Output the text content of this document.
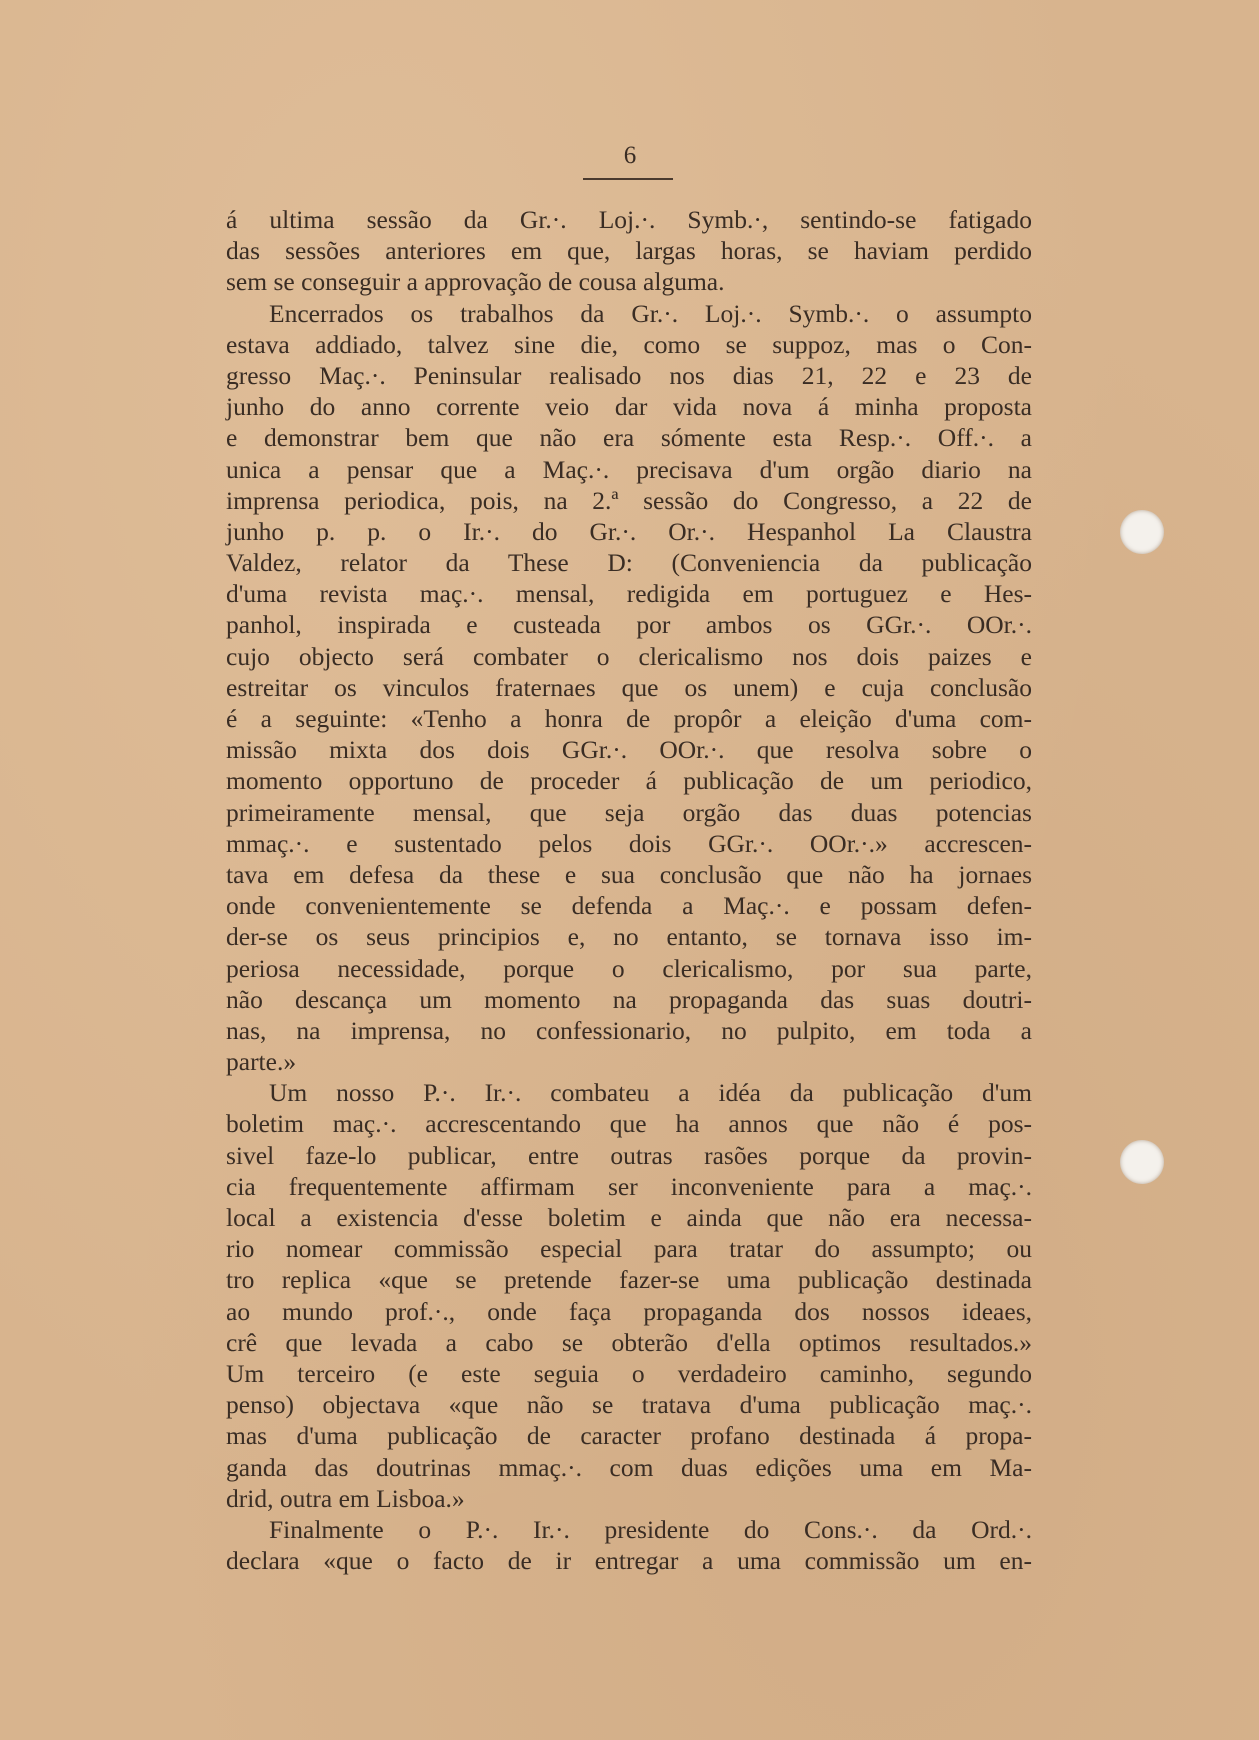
6
á ultima sessão da Gr.·. Loj.·. Symb.·, sentindo-se fatigado
das sessões anteriores em que, largas horas, se haviam perdido
sem se conseguir a approvação de cousa alguma.
Encerrados os trabalhos da Gr.·. Loj.·. Symb.·. o assumpto
estava addiado, talvez sine die, como se suppoz, mas o Con-
gresso Maç.·. Peninsular realisado nos dias 21, 22 e 23 de
junho do anno corrente veio dar vida nova á minha proposta
e demonstrar bem que não era sómente esta Resp.·. Off.·. a
unica a pensar que a Maç.·. precisava d'um orgão diario na
imprensa periodica, pois, na 2.ª sessão do Congresso, a 22 de
junho p. p. o Ir.·. do Gr.·. Or.·. Hespanhol La Claustra
Valdez, relator da These D: (Conveniencia da publicação
d'uma revista maç.·. mensal, redigida em portuguez e Hes-
panhol, inspirada e custeada por ambos os GGr.·. OOr.·.
cujo objecto será combater o clericalismo nos dois paizes e
estreitar os vinculos fraternaes que os unem) e cuja conclusão
é a seguinte: «Tenho a honra de propôr a eleição d'uma com-
missão mixta dos dois GGr.·. OOr.·. que resolva sobre o
momento opportuno de proceder á publicação de um periodico,
primeiramente mensal, que seja orgão das duas potencias
mmaç.·. e sustentado pelos dois GGr.·. OOr.·.» accrescen-
tava em defesa da these e sua conclusão que não ha jornaes
onde convenientemente se defenda a Maç.·. e possam defen-
der-se os seus principios e, no entanto, se tornava isso im-
periosa necessidade, porque o clericalismo, por sua parte,
não descança um momento na propaganda das suas doutri-
nas, na imprensa, no confessionario, no pulpito, em toda a
parte.»
Um nosso P.·. Ir.·. combateu a idéa da publicação d'um
boletim maç.·. accrescentando que ha annos que não é pos-
sivel faze-lo publicar, entre outras rasões porque da provin-
cia frequentemente affirmam ser inconveniente para a maç.·.
local a existencia d'esse boletim e ainda que não era necessa-
rio nomear commissão especial para tratar do assumpto; ou
tro replica «que se pretende fazer-se uma publicação destinada
ao mundo prof.·., onde faça propaganda dos nossos ideaes,
crê que levada a cabo se obterão d'ella optimos resultados.»
Um terceiro (e este seguia o verdadeiro caminho, segundo
penso) objectava «que não se tratava d'uma publicação maç.·.
mas d'uma publicação de caracter profano destinada á propa-
ganda das doutrinas mmaç.·. com duas edições uma em Ma-
drid, outra em Lisboa.»
Finalmente o P.·. Ir.·. presidente do Cons.·. da Ord.·.
declara «que o facto de ir entregar a uma commissão um en-
